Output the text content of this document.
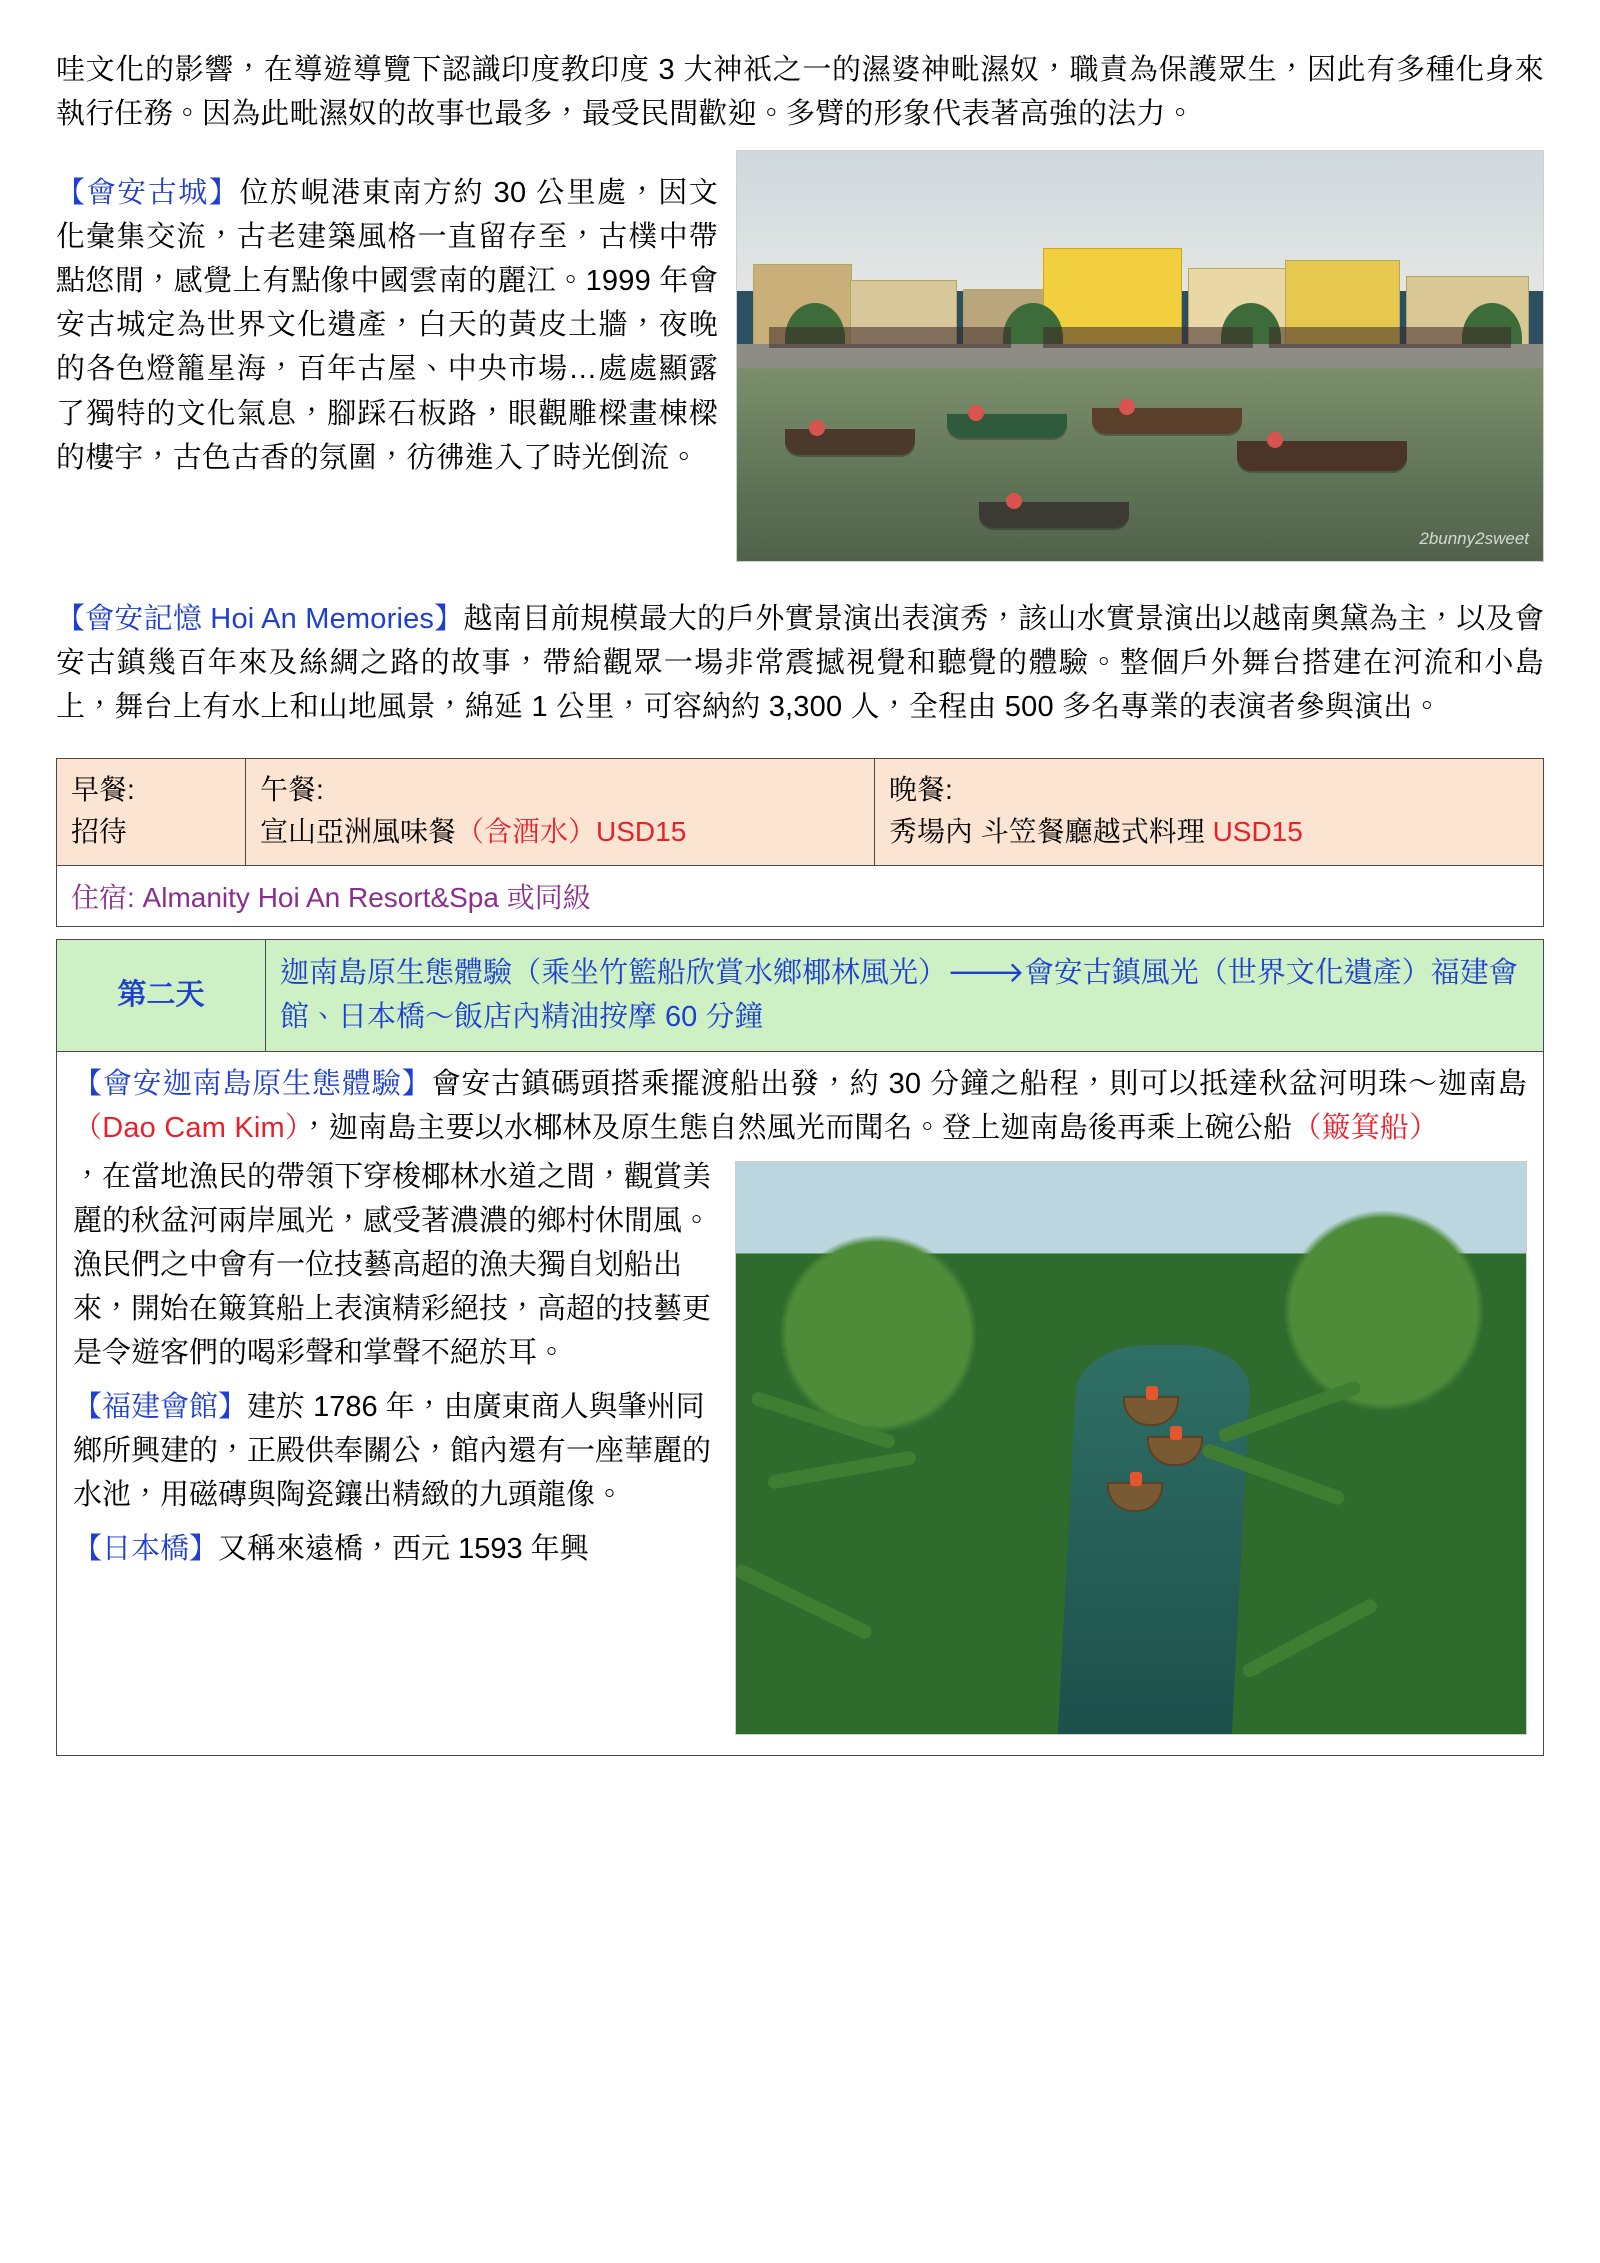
哇文化的影響，在導遊導覽下認識印度教印度 3 大神祇之一的濕婆神毗濕奴，職責為保護眾生，因此有多種化身來執行任務。因為此毗濕奴的故事也最多，最受民間歡迎。多臂的形象代表著高強的法力。

2bunny2sweet

【會安古城】位於峴港東南方約 30 公里處，因文化彙集交流，古老建築風格一直留存至，古樸中帶點悠閒，感覺上有點像中國雲南的麗江。1999 年會安古城定為世界文化遺產，白天的黃皮土牆，夜晚的各色燈籠星海，百年古屋、中央市場…處處顯露了獨特的文化氣息，腳踩石板路，眼觀雕樑畫棟樑的樓宇，古色古香的氛圍，彷彿進入了時光倒流。

【會安記憶 Hoi An Memories】越南目前規模最大的戶外實景演出表演秀，該山水實景演出以越南奧黛為主，以及會安古鎮幾百年來及絲綢之路的故事，帶給觀眾一場非常震撼視覺和聽覺的體驗。整個戶外舞台搭建在河流和小島上，舞台上有水上和山地風景，綿延 1 公里，可容納約 3,300 人，全程由 500 多名專業的表演者參與演出。

早餐:
招待

午餐:
宣山亞洲風味餐（含酒水）USD15

晚餐:
秀場內 斗笠餐廳越式料理 USD15
住宿: Almanity Hoi An Resort&Spa 或同級
第二天	迦南島原生態體驗（乘坐竹籃船欣賞水鄉椰林風光）🡒會安古鎮風光（世界文化遺產）福建會館、日本橋～飯店內精油按摩 60 分鐘

【會安迦南島原生態體驗】會安古鎮碼頭搭乘擺渡船出發，約 30 分鐘之船程，則可以抵達秋盆河明珠～迦南島（Dao Cam Kim），迦南島主要以水椰林及原生態自然風光而聞名。登上迦南島後再乘上碗公船（簸箕船）

，在當地漁民的帶領下穿梭椰林水道之間，觀賞美麗的秋盆河兩岸風光，感受著濃濃的鄉村休閒風。漁民們之中會有一位技藝高超的漁夫獨自划船出來，開始在簸箕船上表演精彩絕技，高超的技藝更是令遊客們的喝彩聲和掌聲不絕於耳。

【福建會館】建於 1786 年，由廣東商人與肇州同鄉所興建的，正殿供奉關公，館內還有一座華麗的水池，用磁磚與陶瓷鑲出精緻的九頭龍像。

【日本橋】又稱來遠橋，西元 1593 年興
